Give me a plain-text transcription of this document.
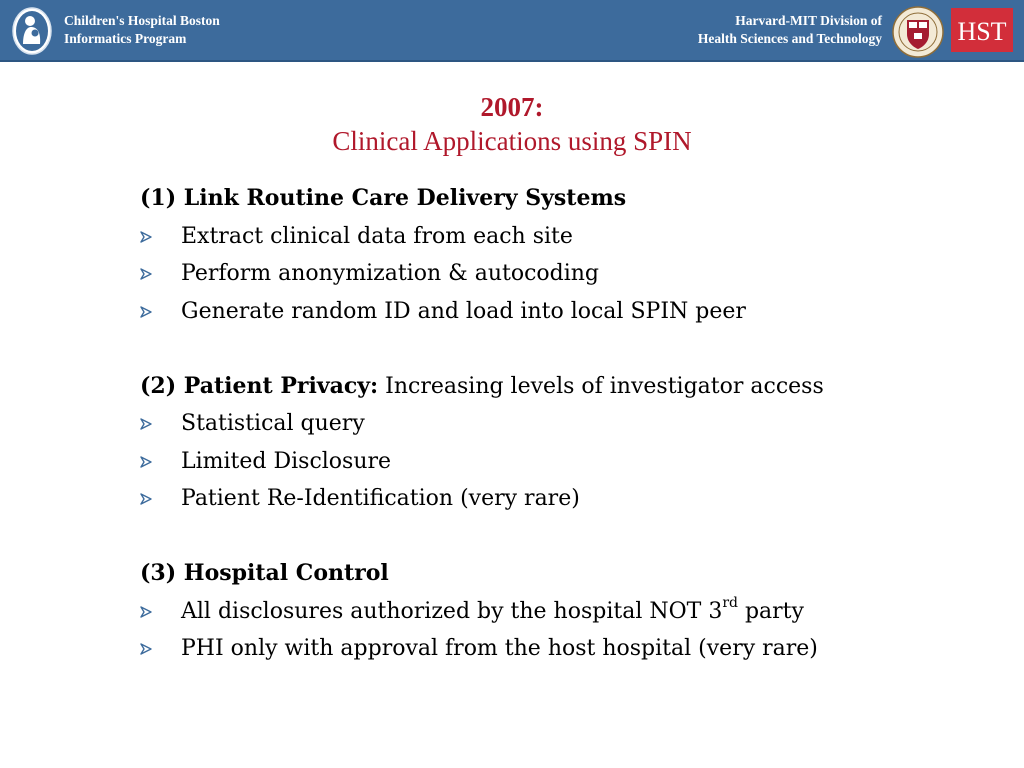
Children's Hospital Boston
Informatics Program
Harvard-MIT Division of
Health Sciences and Technology	HST
2007:
Clinical Applications using SPIN
(1) Link Routine Care Delivery Systems
Extract clinical data from each site
Perform anonymization & autocoding
Generate random ID and load into local SPIN peer
(2) Patient Privacy: Increasing levels of investigator access
Statistical query
Limited Disclosure
Patient Re-Identification (very rare)
(3) Hospital Control
All disclosures authorized by the hospital NOT 3rd party
PHI only with approval from the host hospital (very rare)
